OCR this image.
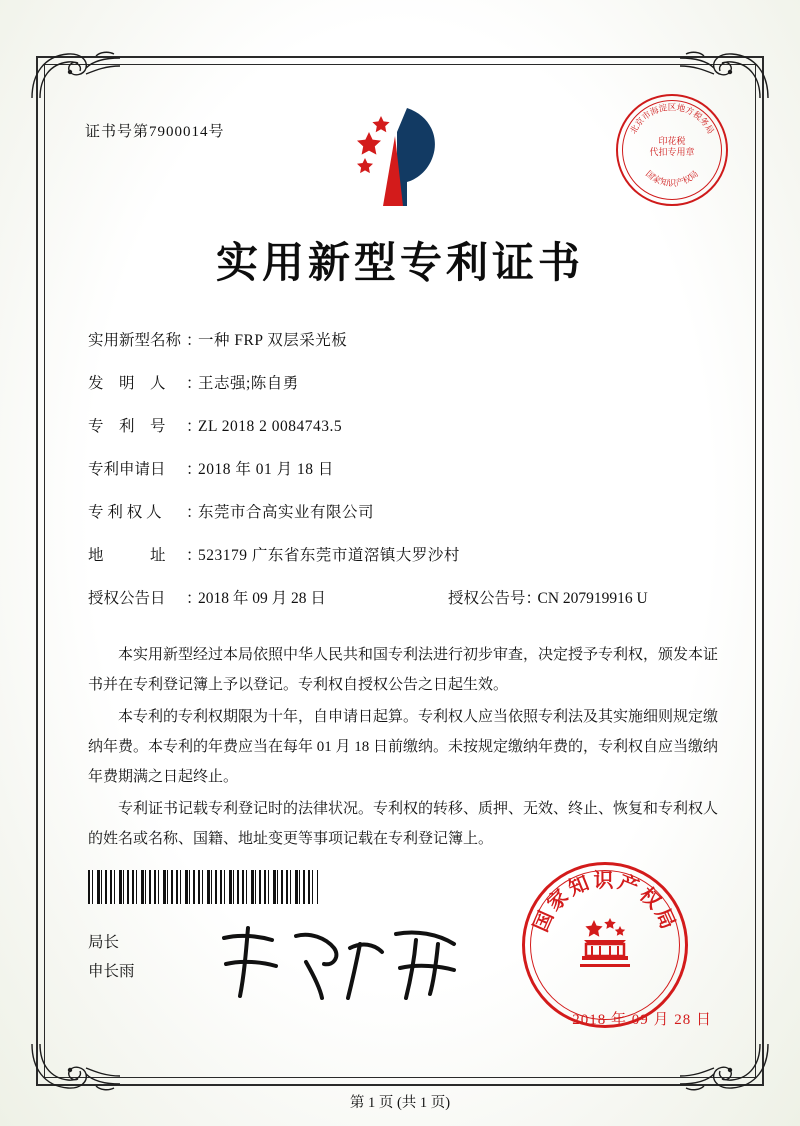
证书号第7900014号	北京市海淀区地方税务局
国家知识产权局
印花税
代扣专用章
实用新型专利证书
实用新型名称 ：
一种 FRP 双层采光板
发　明　人	：
王志强;陈自勇
专　利　号	：
ZL 2018 2 0084743.5
专利申请日	：
2018 年 01 月 18 日
专 利 权 人	：
东莞市合高实业有限公司
地　　　址	：
523179 广东省东莞市道滘镇大罗沙村
授权公告日	：
2018 年 09 月 28 日	授权公告号 ：
CN 207919916 U

本实用新型经过本局依照中华人民共和国专利法进行初步审查，决定授予专利权，颁发本证书并在专利登记簿上予以登记。专利权自授权公告之日起生效。

本专利的专利权期限为十年，自申请日起算。专利权人应当依照专利法及其实施细则规定缴纳年费。本专利的年费应当在每年 01 月 18 日前缴纳。未按规定缴纳年费的，专利权自应当缴纳年费期满之日起终止。

专利证书记载专利登记时的法律状况。专利权的转移、质押、无效、终止、恢复和专利权人的姓名或名称、国籍、地址变更等事项记载在专利登记簿上。

局长
申长雨
国家知识产权局
2018 年 09 月 28 日
第 1 页 (共 1 页)
